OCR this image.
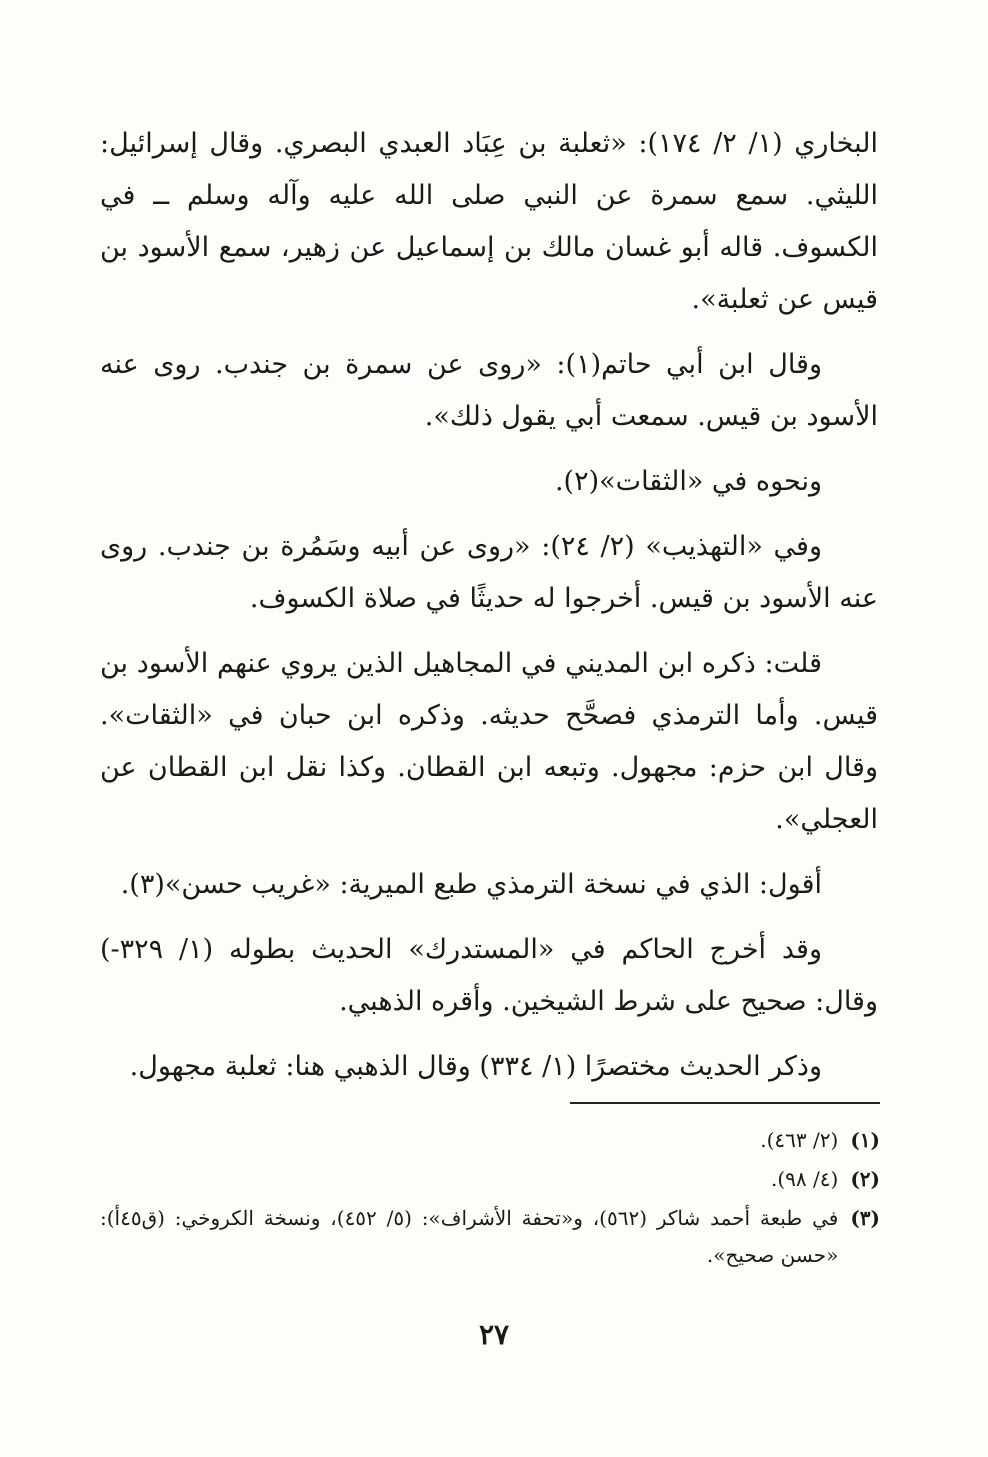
البخاري (١/ ٢/ ١٧٤): «ثعلبة بن عِبَاد العبدي البصري. وقال إسرائيل: الليثي. سمع سمرة عن النبي صلى الله عليه وآله وسلم ــ في الكسوف. قاله أبو غسان مالك بن إسماعيل عن زهير، سمع الأسود بن قيس عن ثعلبة».

وقال ابن أبي حاتم(١): «روى عن سمرة بن جندب. روى عنه الأسود بن قيس. سمعت أبي يقول ذلك».

ونحوه في «الثقات»(٢).

وفي «التهذيب» (٢/ ٢٤): «روى عن أبيه وسَمُرة بن جندب. روى عنه الأسود بن قيس. أخرجوا له حديثًا في صلاة الكسوف.

قلت: ذكره ابن المديني في المجاهيل الذين يروي عنهم الأسود بن قيس. وأما الترمذي فصحَّح حديثه. وذكره ابن حبان في «الثقات». وقال ابن حزم: مجهول. وتبعه ابن القطان. وكذا نقل ابن القطان عن العجلي».

أقول: الذي في نسخة الترمذي طبع الميرية: «غريب حسن»(٣).

وقد أخرج الحاكم في «المستدرك» الحديث بطوله (١/ ٣٢٩-) وقال: صحيح على شرط الشيخين. وأقره الذهبي.

وذكر الحديث مختصرًا (١/ ٣٣٤) وقال الذهبي هنا: ثعلبة مجهول.

(١)
(٢/ ٤٦٣).
(٢)
(٤/ ٩٨).
(٣)
في طبعة أحمد شاكر (٥٦٢)، و«تحفة الأشراف»: (٥/ ٤٥٢)، ونسخة الكروخي: (ق٤٥أ): «حسن صحيح».
٢٧
